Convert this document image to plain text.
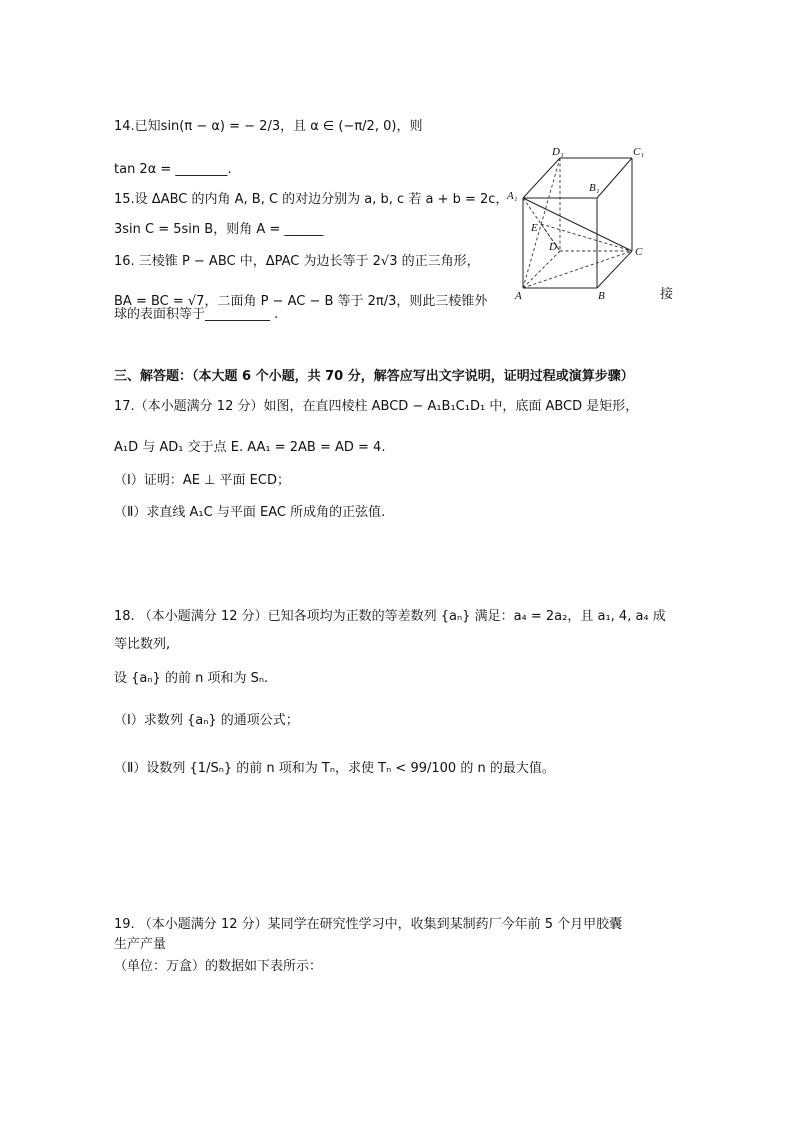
14.已知sin(π − α) = − 2/3，且 α ∈ (−π/2, 0)，则
tan 2α = ________.
15.设 ΔABC 的内角 A, B, C 的对边分别为 a, b, c 若 a + b = 2c，
3sin C = 5sin B，则角 A = ______
16. 三棱锥 P − ABC 中，ΔPAC 为边长等于 2√3 的正三角形，
BA = BC = √7，二面角 P − AC − B 等于 2π/3，则此三棱锥外	接
球的表面积等于__________ .
D₁	C₁
A₁
B₁
E
D	C
A	B
三、解答题：（本大题 6 个小题，共 70 分，解答应写出文字说明，证明过程或演算步骤）
17.（本小题满分 12 分）如图，在直四棱柱 ABCD − A₁B₁C₁D₁ 中，底面 ABCD 是矩形，
A₁D 与 AD₁ 交于点 E. AA₁ = 2AB = AD = 4.
（Ⅰ）证明：AE ⊥ 平面 ECD；
（Ⅱ）求直线 A₁C 与平面 EAC 所成角的正弦值.
18. （本小题满分 12 分）已知各项均为正数的等差数列 {aₙ} 满足：a₄ = 2a₂，且 a₁, 4, a₄ 成
等比数列,
设 {aₙ} 的前 n 项和为 Sₙ.
（Ⅰ）求数列 {aₙ} 的通项公式；
（Ⅱ）设数列 {1/Sₙ} 的前 n 项和为 Tₙ，求使 Tₙ < 99/100 的 n 的最大值。
19. （本小题满分 12 分）某同学在研究性学习中，收集到某制药厂今年前 5 个月甲胶囊
生产产量
（单位：万盒）的数据如下表所示：
